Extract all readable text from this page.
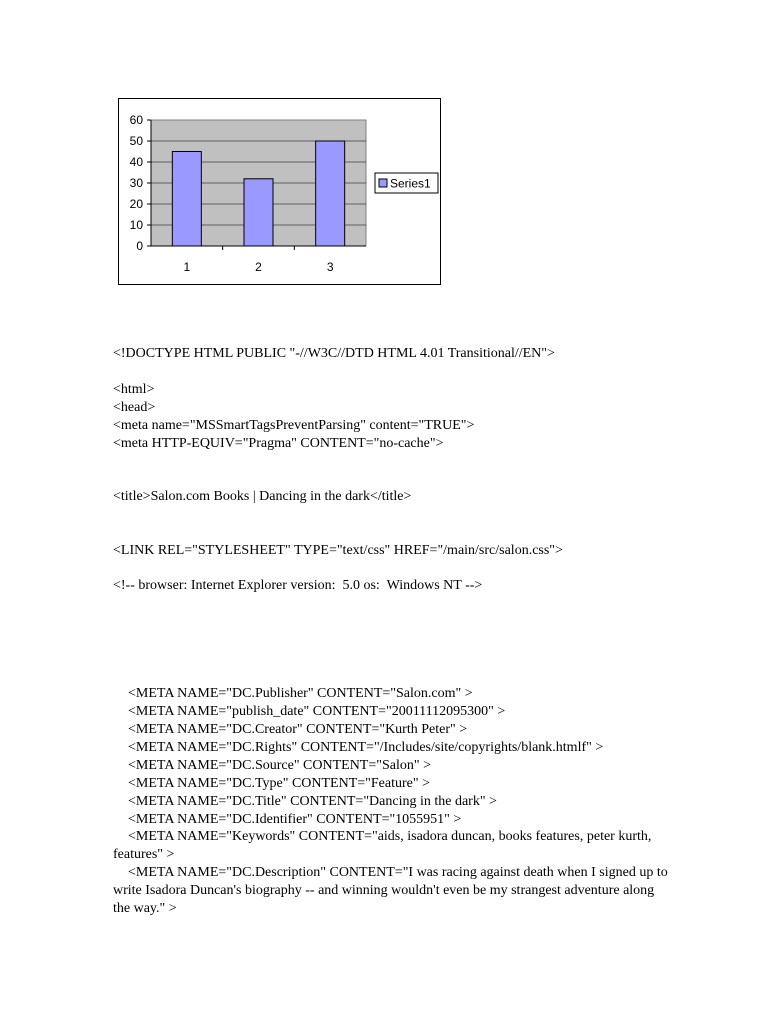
0
10
20
30
40
50
60
1	2	3
Series1

<!DOCTYPE HTML PUBLIC "-//W3C//DTD HTML 4.01 Transitional//EN">

<html>

<head>

<meta name="MSSmartTagsPreventParsing" content="TRUE">

<meta HTTP-EQUIV="Pragma" CONTENT="no-cache">

<title>Salon.com Books | Dancing in the dark</title>

<LINK REL="STYLESHEET" TYPE="text/css" HREF="/main/src/salon.css">

<!-- browser: Internet Explorer version:  5.0 os:  Windows NT -->

<META NAME="DC.Publisher" CONTENT="Salon.com" >

<META NAME="publish_date" CONTENT="20011112095300" >

<META NAME="DC.Creator" CONTENT="Kurth Peter" >

<META NAME="DC.Rights" CONTENT="/Includes/site/copyrights/blank.htmlf" >

<META NAME="DC.Source" CONTENT="Salon" >

<META NAME="DC.Type" CONTENT="Feature" >

<META NAME="DC.Title" CONTENT="Dancing in the dark" >

<META NAME="DC.Identifier" CONTENT="1055951" >

<META NAME="Keywords" CONTENT="aids, isadora duncan, books features, peter kurth, features" >

<META NAME="DC.Description" CONTENT="I was racing against death when I signed up to write Isadora Duncan's biography -- and winning wouldn't even be my strangest adventure along the way." >
